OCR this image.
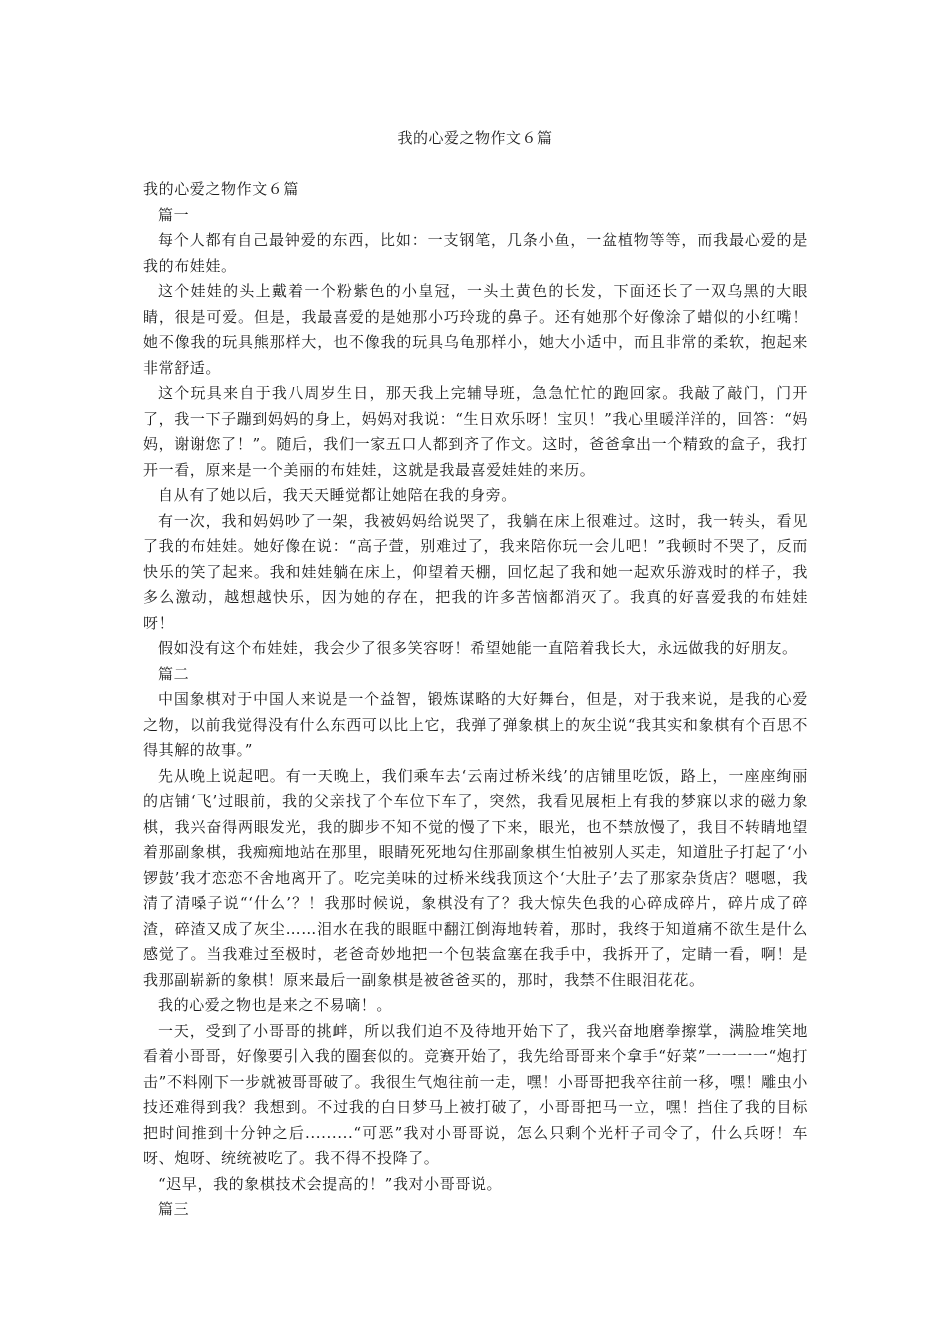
我的心爱之物作文６篇

我的心爱之物作文６篇

篇一

每个人都有自己最钟爱的东西，比如：一支钢笔，几条小鱼，一盆植物等等，而我最心爱的是我的布娃娃。

这个娃娃的头上戴着一个粉紫色的小皇冠，一头土黄色的长发，下面还长了一双乌黑的大眼睛，很是可爱。但是，我最喜爱的是她那小巧玲珑的鼻子。还有她那个好像涂了蜡似的小红嘴！她不像我的玩具熊那样大，也不像我的玩具乌龟那样小，她大小适中，而且非常的柔软，抱起来非常舒适。

这个玩具来自于我八周岁生日，那天我上完辅导班，急急忙忙的跑回家。我敲了敲门，门开了，我一下子蹦到妈妈的身上，妈妈对我说：“生日欢乐呀！宝贝！”我心里暖洋洋的，回答：“妈妈，谢谢您了！”。随后，我们一家五口人都到齐了作文。这时，爸爸拿出一个精致的盒子，我打开一看，原来是一个美丽的布娃娃，这就是我最喜爱娃娃的来历。

自从有了她以后，我天天睡觉都让她陪在我的身旁。

有一次，我和妈妈吵了一架，我被妈妈给说哭了，我躺在床上很难过。这时，我一转头，看见了我的布娃娃。她好像在说：“高子萱，别难过了，我来陪你玩一会儿吧！”我顿时不哭了，反而快乐的笑了起来。我和娃娃躺在床上，仰望着天棚，回忆起了我和她一起欢乐游戏时的样子，我多么激动，越想越快乐，因为她的存在，把我的许多苦恼都消灭了。我真的好喜爱我的布娃娃呀！

假如没有这个布娃娃，我会少了很多笑容呀！希望她能一直陪着我长大，永远做我的好朋友。

篇二

中国象棋对于中国人来说是一个益智，锻炼谋略的大好舞台，但是，对于我来说，是我的心爱之物，以前我觉得没有什么东西可以比上它，我弹了弹象棋上的灰尘说“我其实和象棋有个百思不得其解的故事。”

先从晚上说起吧。有一天晚上，我们乘车去‘云南过桥米线’的店铺里吃饭，路上，一座座绚丽的店铺‘飞’过眼前，我的父亲找了个车位下车了，突然，我看见展柜上有我的梦寐以求的磁力象棋，我兴奋得两眼发光，我的脚步不知不觉的慢了下来，眼光，也不禁放慢了，我目不转睛地望着那副象棋，我痴痴地站在那里，眼睛死死地勾住那副象棋生怕被别人买走，知道肚子打起了‘小锣鼓’我才恋恋不舍地离开了。吃完美味的过桥米线我顶这个‘大肚子’去了那家杂货店？嗯嗯，我清了清嗓子说“‘什么’？！我那时候说，象棋没有了？我大惊失色我的心碎成碎片，碎片成了碎渣，碎渣又成了灰尘……泪水在我的眼眶中翻江倒海地转着，那时，我终于知道痛不欲生是什么感觉了。当我难过至极时，老爸奇妙地把一个包装盒塞在我手中，我拆开了，定睛一看，啊！是我那副崭新的象棋！原来最后一副象棋是被爸爸买的，那时，我禁不住眼泪花花。

我的心爱之物也是来之不易嘀！。

一天，受到了小哥哥的挑衅，所以我们迫不及待地开始下了，我兴奋地磨拳擦掌，满脸堆笑地看着小哥哥，好像要引入我的圈套似的。竞赛开始了，我先给哥哥来个拿手“好菜”一一一一“炮打击”不料刚下一步就被哥哥破了。我很生气炮往前一走，嘿！小哥哥把我卒往前一移，嘿！雕虫小技还难得到我？我想到。不过我的白日梦马上被打破了，小哥哥把马一立，嘿！挡住了我的目标把时间推到十分钟之后.........“可恶”我对小哥哥说，怎么只剩个光杆子司令了，什么兵呀！车呀、炮呀、统统被吃了。我不得不投降了。

“迟早，我的象棋技术会提高的！”我对小哥哥说。

篇三
